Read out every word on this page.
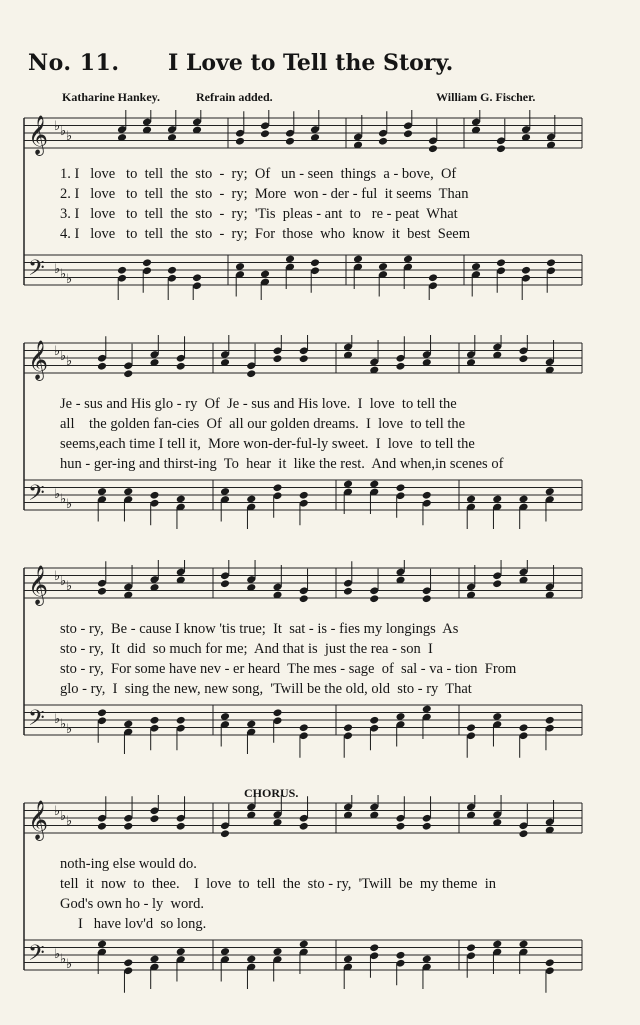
No. 11. I Love to Tell the Story.
Katharine Hankey.	Refrain added.	William G. Fischer.
𝄞
𝄢
♭
♭
♭
♭
♭
♭
1. I   love   to  tell  the  sto  -  ry;  Of   un - seen  things  a - bove,  Of
2. I   love   to  tell  the  sto  -  ry;  More  won - der - ful  it seems  Than
3. I   love   to  tell  the  sto  -  ry;  'Tis  pleas - ant  to   re - peat  What
4. I   love   to  tell  the  sto  -  ry;  For  those  who  know  it  best  Seem
𝄞
𝄢
♭
♭
♭
♭
♭
♭
Je - sus and His glo - ry  Of  Je - sus and His love.  I  love  to tell the
all    the golden fan-cies  Of  all our golden dreams.  I  love  to tell the
seems,each time I tell it,  More won-der-ful-ly sweet.  I  love  to tell the
hun - ger-ing and thirst-ing  To  hear  it  like the rest.  And when,in scenes of
𝄞
𝄢
♭
♭
♭
♭
♭
♭
sto - ry,  Be - cause I know 'tis true;  It  sat - is - fies my longings  As
sto - ry,  It  did  so much for me;  And that is  just the rea - son  I
sto - ry,  For some have nev - er heard  The mes - sage  of  sal - va - tion  From
glo - ry,  I  sing the new, new song,  'Twill be the old, old  sto - ry  That
CHORUS.
𝄞
𝄢
♭
♭
♭
♭
♭
♭
noth-ing else would do.
tell  it  now  to  thee.    I  love  to  tell  the  sto - ry,  'Twill  be  my theme  in
God's own ho - ly  word.
I   have lov'd  so long.
